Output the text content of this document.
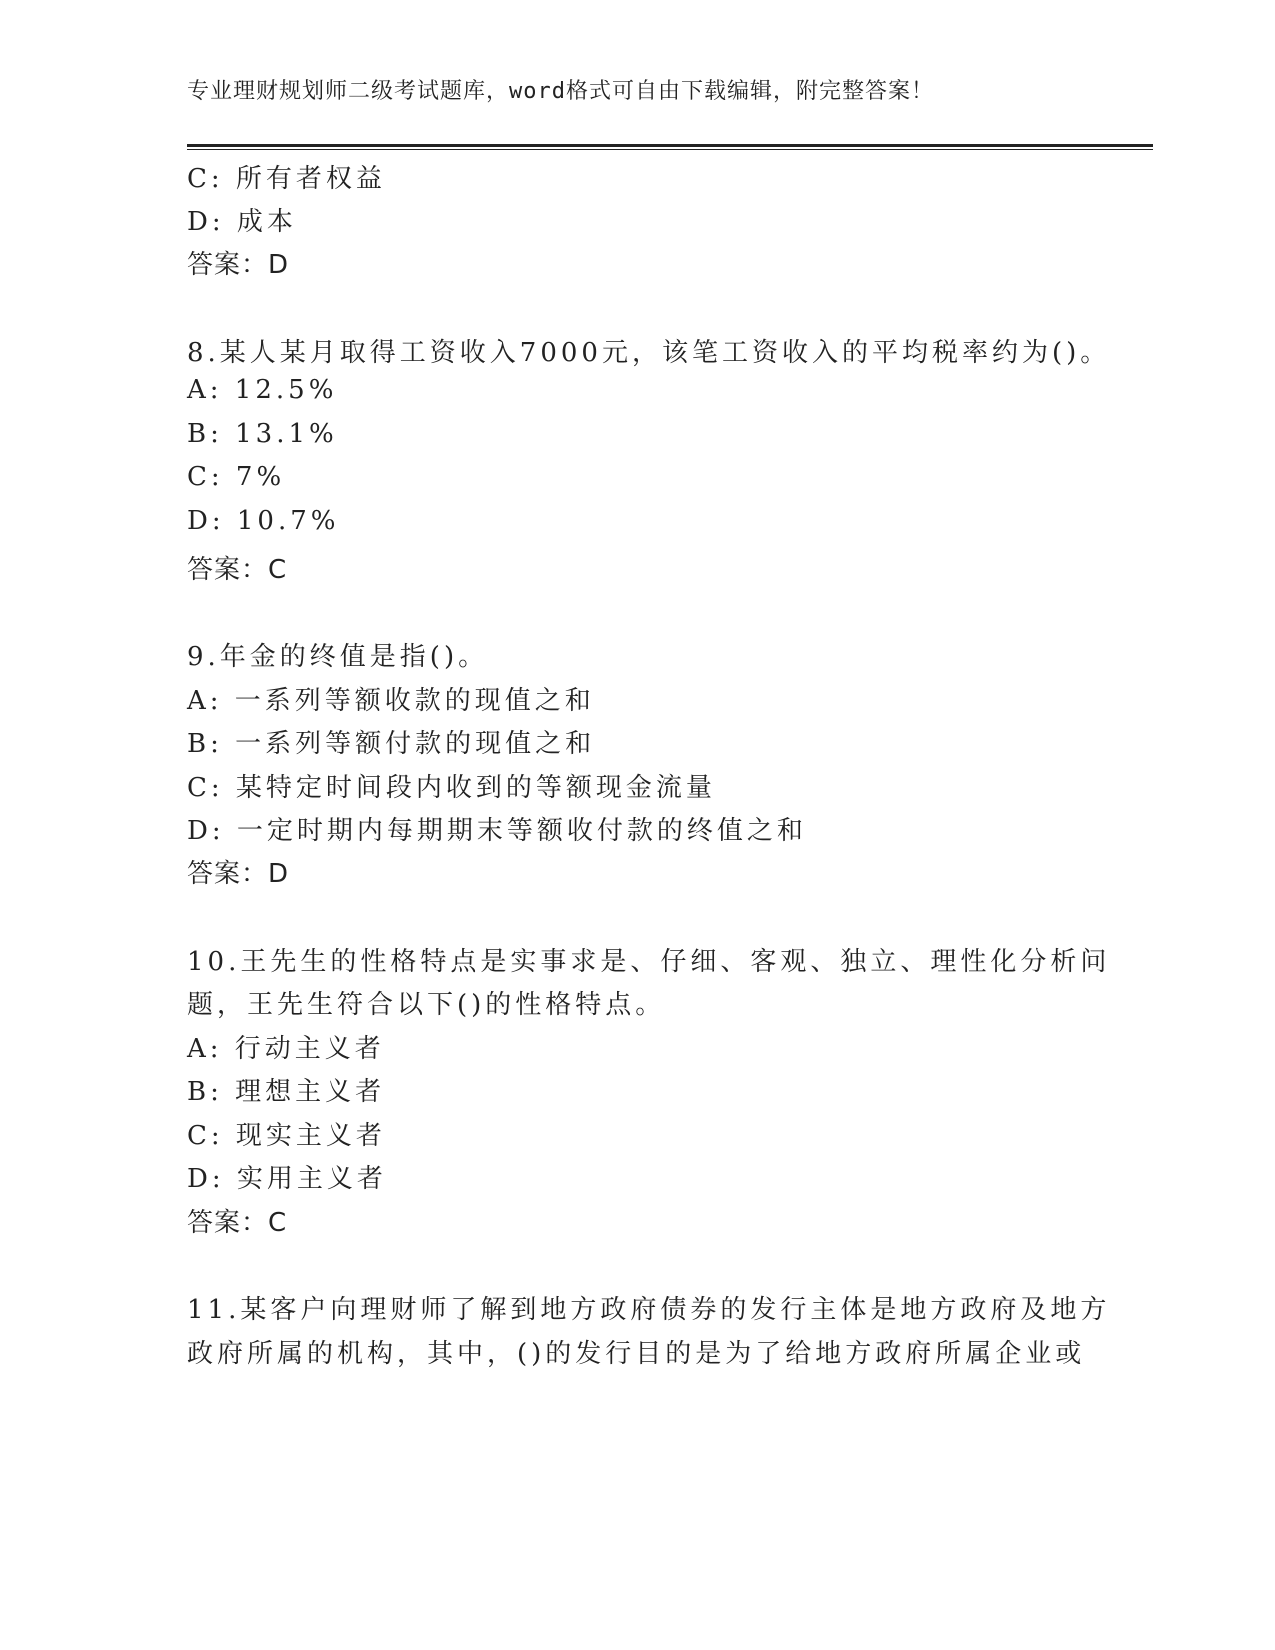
专业理财规划师二级考试题库，word格式可自由下载编辑，附完整答案！
C: 所有者权益
D: 成本
答案：D
8.某人某月取得工资收入7000元，该笔工资收入的平均税率约为()。
A: 12.5%
B: 13.1%
C: 7%
D: 10.7%
答案：C
9.年金的终值是指()。
A: 一系列等额收款的现值之和
B: 一系列等额付款的现值之和
C: 某特定时间段内收到的等额现金流量
D: 一定时期内每期期末等额收付款的终值之和
答案：D
10.王先生的性格特点是实事求是、仔细、客观、独立、理性化分析问
题，王先生符合以下()的性格特点。
A: 行动主义者
B: 理想主义者
C: 现实主义者
D: 实用主义者
答案：C
11.某客户向理财师了解到地方政府债券的发行主体是地方政府及地方
政府所属的机构，其中，()的发行目的是为了给地方政府所属企业或
